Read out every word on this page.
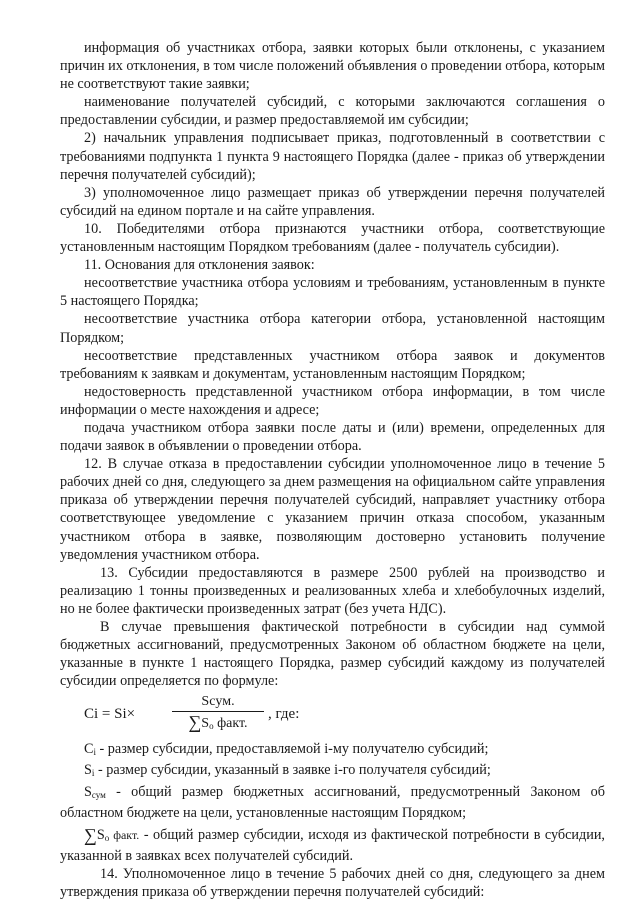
информация об участниках отбора, заявки которых были отклонены, с указанием причин их отклонения, в том числе положений объявления о проведении отбора, которым не соответствуют такие заявки;

наименование получателей субсидий, с которыми заключаются соглашения о предоставлении субсидии, и размер предоставляемой им субсидии;

2) начальник управления подписывает приказ, подготовленный в соответствии с требованиями подпункта 1 пункта 9 настоящего Порядка (далее - приказ об утверждении перечня получателей субсидий);

3) уполномоченное лицо размещает приказ об утверждении перечня получателей субсидий на едином портале и на сайте управления.

10. Победителями отбора признаются участники отбора, соответствующие установленным настоящим Порядком требованиям (далее - получатель субсидии).

11. Основания для отклонения заявок:

несоответствие участника отбора условиям и требованиям, установленным в пункте 5 настоящего Порядка;

несоответствие участника отбора категории отбора, установленной настоящим Порядком;

несоответствие представленных участником отбора заявок и документов требованиям к заявкам и документам, установленным настоящим Порядком;

недостоверность представленной участником отбора информации, в том числе информации о месте нахождения и адресе;

подача участником отбора заявки после даты и (или) времени, определенных для подачи заявок в объявлении о проведении отбора.

12. В случае отказа в предоставлении субсидии уполномоченное лицо в течение 5 рабочих дней со дня, следующего за днем размещения на официальном сайте управления приказа об утверждении перечня получателей субсидий, направляет участнику отбора соответствующее уведомление с указанием причин отказа способом, указанным участником отбора в заявке, позволяющим достоверно установить получение уведомления участником отбора.

13. Субсидии предоставляются в размере 2500 рублей на производство и реализацию 1 тонны произведенных и реализованных хлеба и хлебобулочных изделий, но не более фактически произведенных затрат (без учета НДС).

В случае превышения фактической потребности в субсидии над суммой бюджетных ассигнований, предусмотренных Законом об областном бюджете на цели, указанные в пункте 1 настоящего Порядка, размер субсидий каждому из получателей субсидии определяется по формуле:

Ci = Si×
Scум.
$\sum S_o$ факт.
, где:

$C_i$ - размер субсидии, предоставляемой i-му получателю субсидий;

$S_i$ - размер субсидии, указанный в заявке i-го получателя субсидий;

$S_{сум}$ - общий размер бюджетных ассигнований, предусмотренный Законом об областном бюджете на цели, установленные настоящим Порядком;

$\sum S_o$ факт. - общий размер субсидии, исходя из фактической потребности в субсидии, указанной в заявках всех получателей субсидий.

14. Уполномоченное лицо в течение 5 рабочих дней со дня, следующего за днем утверждения приказа об утверждении перечня получателей субсидий:
